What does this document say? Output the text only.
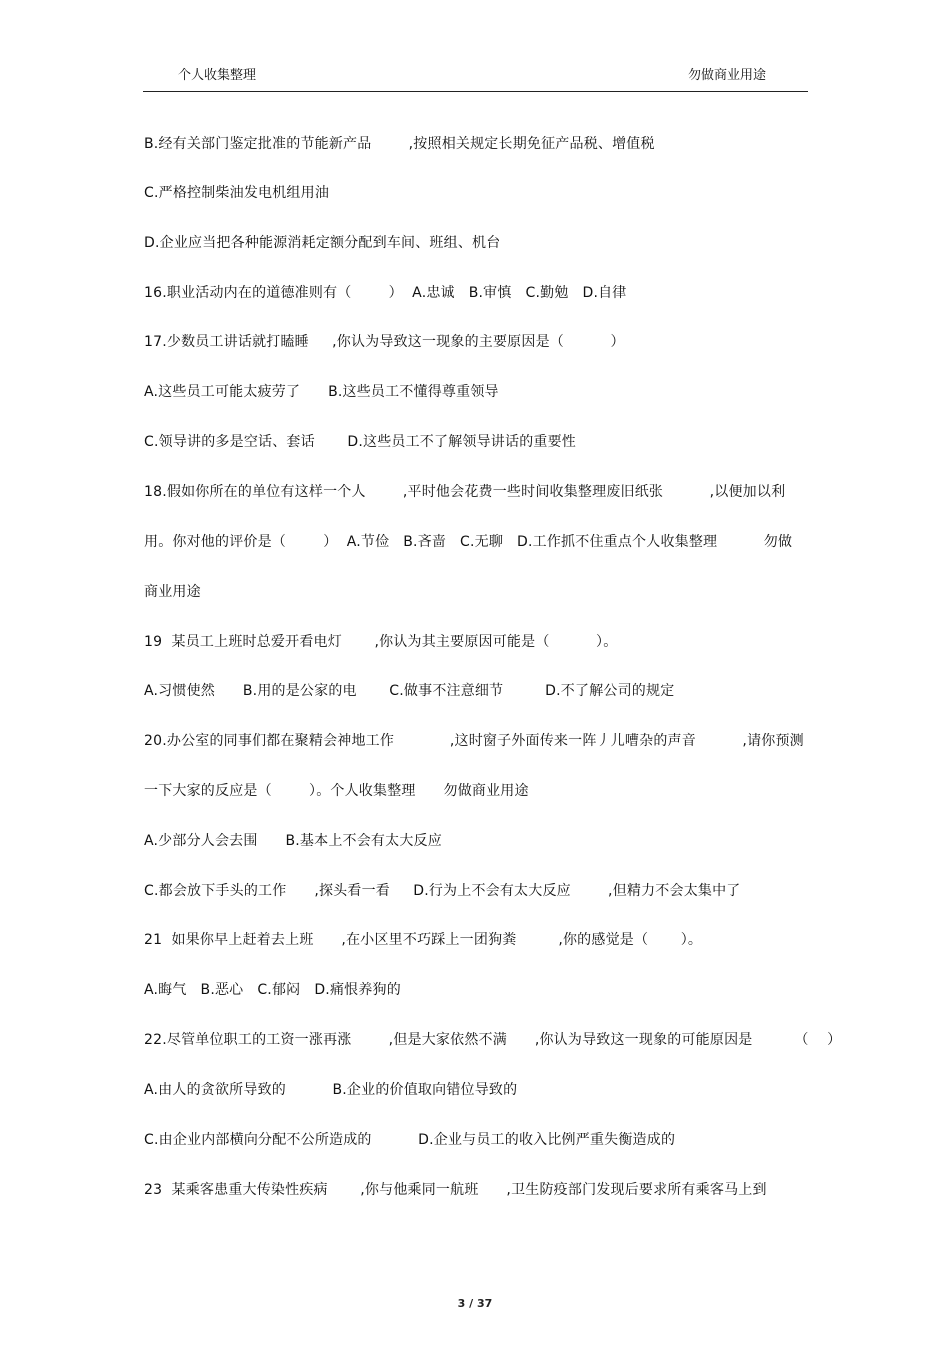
个人收集整理	勿做商业用途
B.经有关部门鉴定批准的节能新产品        ,按照相关规定长期免征产品税、增值税
C.严格控制柴油发电机组用油
D.企业应当把各种能源消耗定额分配到车间、班组、机台
16.职业活动内在的道德准则有（        ）  A.忠诚   B.审慎   C.勤勉   D.自律
17.少数员工讲话就打瞌睡     ,你认为导致这一现象的主要原因是（          ）
A.这些员工可能太疲劳了      B.这些员工不懂得尊重领导
C.领导讲的多是空话、套话       D.这些员工不了解领导讲话的重要性
18.假如你所在的单位有这样一个人        ,平时他会花费一些时间收集整理废旧纸张          ,以便加以利
用。你对他的评价是（        ）  A.节俭   B.吝啬   C.无聊   D.工作抓不住重点个人收集整理          勿做
商业用途
19  某员工上班时总爱开看电灯       ,你认为其主要原因可能是（          ）。
A.习惯使然      B.用的是公家的电       C.做事不注意细节         D.不了解公司的规定
20.办公室的同事们都在聚精会神地工作            ,这时窗子外面传来一阵丿儿嘈杂的声音          ,请你预测
一下大家的反应是（        ）。个人收集整理      勿做商业用途
A.少部分人会去围      B.基本上不会有太大反应
C.都会放下手头的工作      ,探头看一看     D.行为上不会有太大反应        ,但精力不会太集中了
21  如果你早上赶着去上班      ,在小区里不巧踩上一团狗粪         ,你的感觉是（       ）。
A.晦气   B.恶心   C.郁闷   D.痛恨养狗的
22.尽管单位职工的工资一涨再涨        ,但是大家依然不满      ,你认为导致这一现象的可能原因是         （    ）
A.由人的贪欲所导致的          B.企业的价值取向错位导致的
C.由企业内部横向分配不公所造成的          D.企业与员工的收入比例严重失衡造成的
23  某乘客患重大传染性疾病       ,你与他乘同一航班      ,卫生防疫部门发现后要求所有乘客马上到
3 / 37
